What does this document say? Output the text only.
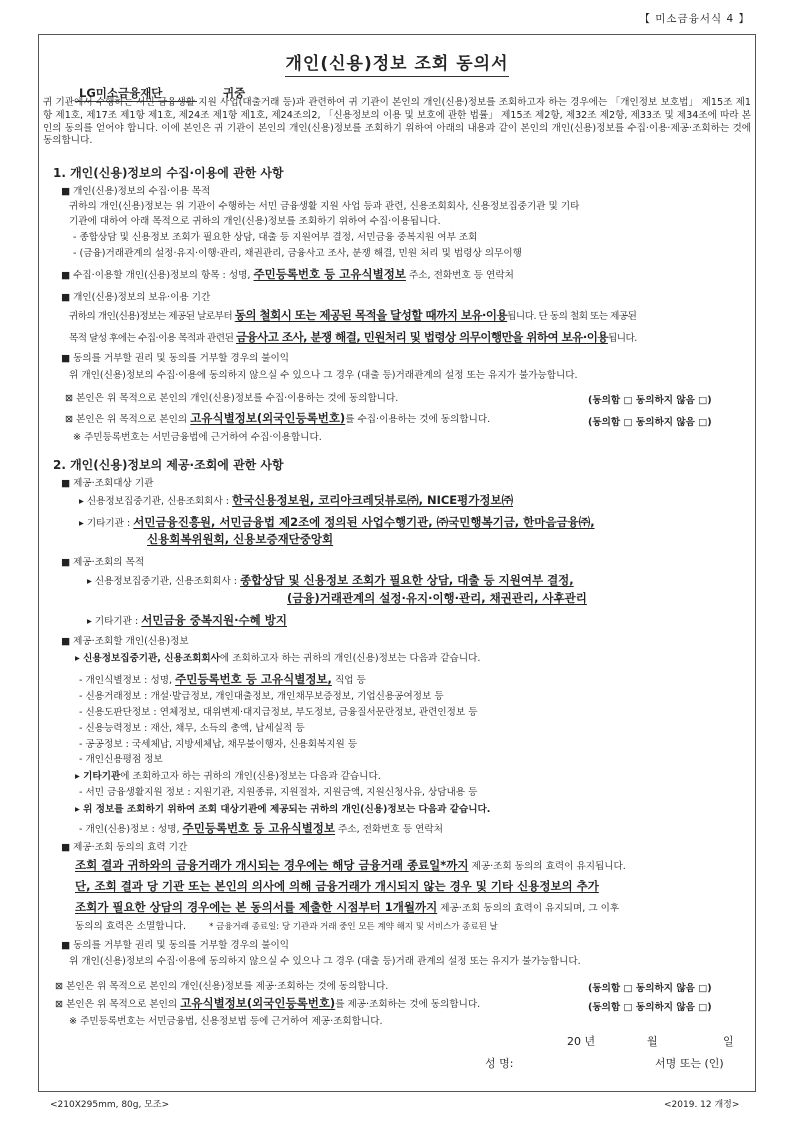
【 미소금융서식 4 】
개인(신용)정보 조회 동의서
LG미소금융재단	귀중
귀 기관에서 수행하는 서민 금융생활 지원 사업(대출거래 등)과 관련하여 귀 기관이 본인의 개인(신용)정보를 조회하고자 하는 경우에는 「개인정보 보호법」 제15조 제1항 제1호, 제17조 제1항 제1호, 제24조 제1항 제1호, 제24조의2, 「신용정보의 이용 및 보호에 관한 법률」 제15조 제2항, 제32조 제2항, 제33조 및 제34조에 따라 본인의 동의를 얻어야 합니다. 이에 본인은 귀 기관이 본인의 개인(신용)정보를 조회하기 위하여 아래의 내용과 같이 본인의 개인(신용)정보를 수집·이용·제공·조회하는 것에 동의합니다.
1. 개인(신용)정보의 수집·이용에 관한 사항
■ 개인(신용)정보의 수집·이용 목적
귀하의 개인(신용)정보는 위 기관이 수행하는 서민 금융생활 지원 사업 등과 관련, 신용조회회사, 신용정보집중기관 및 기타
기관에 대하여 아래 목적으로 귀하의 개인(신용)정보를 조회하기 위하여 수집·이용됩니다.
- 종합상담 및 신용정보 조회가 필요한 상담, 대출 등 지원여부 결정, 서민금융 중복지원 여부 조회
- (금융)거래관계의 설정·유지·이행·관리, 채권관리, 금융사고 조사, 분쟁 해결, 민원 처리 및 법령상 의무이행
■ 수집·이용할 개인(신용)정보의 항목 : 성명, 주민등록번호 등 고유식별정보 주소, 전화번호 등 연락처
■ 개인(신용)정보의 보유·이용 기간
귀하의 개인(신용)정보는 제공된 날로부터 동의 철회시 또는 제공된 목적을 달성할 때까지 보유·이용됩니다. 단 동의 철회 또는 제공된
목적 달성 후에는 수집·이용 목적과 관련된 금융사고 조사, 분쟁 해결, 민원처리 및 법령상 의무이행만을 위하여 보유·이용됩니다.
■ 동의를 거부할 권리 및 동의를 거부할 경우의 불이익
위 개인(신용)정보의 수집·이용에 동의하지 않으실 수 있으나 그 경우 (대출 등)거래관계의 설정 또는 유지가 불가능합니다.
⊠ 본인은 위 목적으로 본인의 개인(신용)정보를 수집·이용하는 것에 동의합니다.	(동의함 □ 동의하지 않음 □)
⊠ 본인은 위 목적으로 본인의 고유식별정보(외국인등록번호)를 수집·이용하는 것에 동의합니다.	(동의함 □ 동의하지 않음 □)
※ 주민등록번호는 서민금융법에 근거하여 수집·이용합니다.
2. 개인(신용)정보의 제공·조회에 관한 사항
■ 제공·조회대상 기관
▸ 신용정보집중기관, 신용조회회사 : 한국신용정보원, 코리아크레딧뷰로㈜, NICE평가정보㈜
▸ 기타기관 : 서민금융진흥원, 서민금융법 제2조에 정의된 사업수행기관, ㈜국민행복기금, 한마음금융㈜,
신용회복위원회, 신용보증재단중앙회
■ 제공·조회의 목적
▸ 신용정보집중기관, 신용조회회사 : 종합상담 및 신용정보 조회가 필요한 상담, 대출 등 지원여부 결정,
(금융)거래관계의 설정·유지·이행·관리, 채권관리, 사후관리
▸ 기타기관 : 서민금융 중복지원·수혜 방지
■ 제공·조회할 개인(신용)정보
▸ 신용정보집중기관, 신용조회회사에 조회하고자 하는 귀하의 개인(신용)정보는 다음과 같습니다.
- 개인식별정보 : 성명, 주민등록번호 등 고유식별정보, 직업 등
- 신용거래정보 : 개설·발급정보, 개인대출정보, 개인채무보증정보, 기업신용공여정보 등
- 신용도판단정보 : 연체정보, 대위변제·대지급정보, 부도정보, 금융질서문란정보, 관련인정보 등
- 신용능력정보 : 재산, 채무, 소득의 총액, 납세실적 등
- 공공정보 : 국세체납, 지방세체납, 채무불이행자, 신용회복지원 등
- 개인신용평점 정보
▸ 기타기관에 조회하고자 하는 귀하의 개인(신용)정보는 다음과 같습니다.
- 서민 금융생활지원 정보 : 지원기관, 지원종류, 지원절차, 지원금액, 지원신청사유, 상담내용 등
▸ 위 정보를 조회하기 위하여 조회 대상기관에 제공되는 귀하의 개인(신용)정보는 다음과 같습니다.
- 개인(신용)정보 : 성명, 주민등록번호 등 고유식별정보 주소, 전화번호 등 연락처
■ 제공·조회 동의의 효력 기간
조회 결과 귀하와의 금융거래가 개시되는 경우에는 해당 금융거래 종료일*까지 제공·조회 동의의 효력이 유지됩니다.
단, 조회 결과 당 기관 또는 본인의 의사에 의해 금융거래가 개시되지 않는 경우 및 기타 신용정보의 추가
조회가 필요한 상담의 경우에는 본 동의서를 제출한 시점부터 1개월까지 제공·조회 동의의 효력이 유지되며, 그 이후
동의의 효력은 소멸합니다.	* 금융거래 종료일: 당 기관과 거래 중인 모든 계약 해지 및 서비스가 종료된 날
■ 동의를 거부할 권리 및 동의를 거부할 경우의 불이익
위 개인(신용)정보의 수집·이용에 동의하지 않으실 수 있으나 그 경우 (대출 등)거래 관계의 설정 또는 유지가 불가능합니다.
⊠ 본인은 위 목적으로 본인의 개인(신용)정보를 제공·조회하는 것에 동의합니다.	(동의함 □ 동의하지 않음 □)
⊠ 본인은 위 목적으로 본인의 고유식별정보(외국인등록번호)를 제공·조회하는 것에 동의합니다.	(동의함 □ 동의하지 않음 □)
※ 주민등록번호는 서민금융법, 신용정보법 등에 근거하여 제공·조회합니다.
20 년	월	일
성 명:	서명 또는 (인)
<210X295mm, 80g, 모조>	<2019. 12 개정>
